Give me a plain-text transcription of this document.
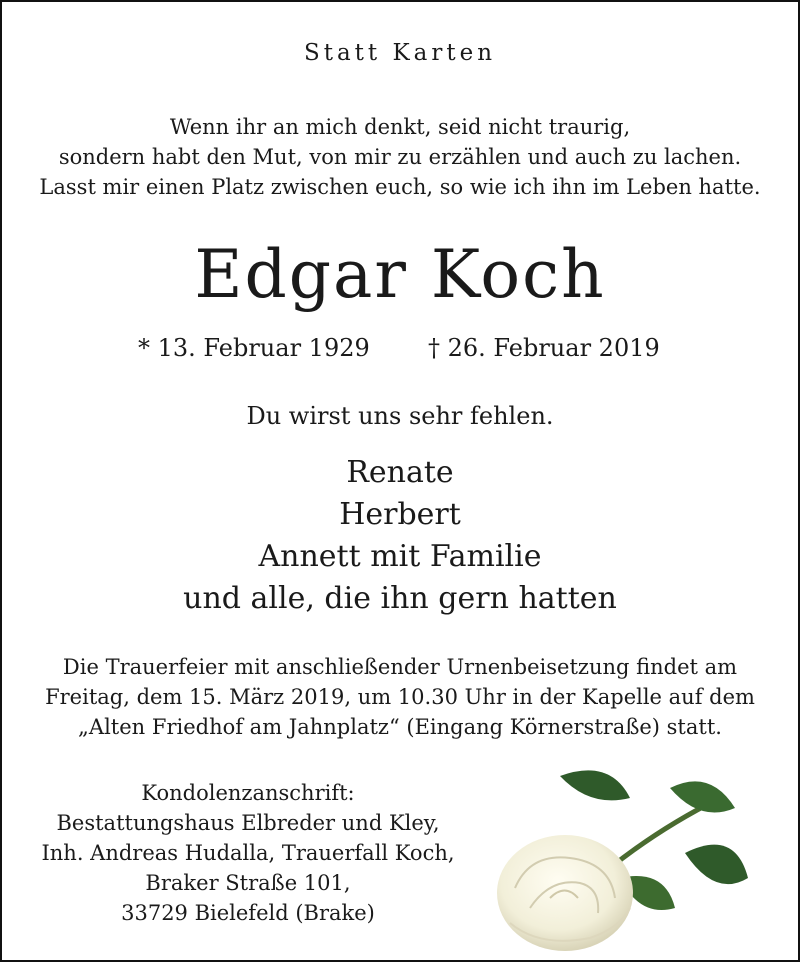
Statt Karten
Wenn ihr an mich denkt, seid nicht traurig,
sondern habt den Mut, von mir zu erzählen und auch zu lachen.
Lasst mir einen Platz zwischen euch, so wie ich ihn im Leben hatte.
Edgar Koch
* 13. Februar 1929 † 26. Februar 2019
Du wirst uns sehr fehlen.
Renate
Herbert
Annett mit Familie
und alle, die ihn gern hatten
Die Trauerfeier mit anschließender Urnenbeisetzung findet am
Freitag, dem 15. März 2019, um 10.30 Uhr in der Kapelle auf dem
„Alten Friedhof am Jahnplatz“ (Eingang Körnerstraße) statt.
Kondolenzanschrift:
Bestattungshaus Elbreder und Kley,
Inh. Andreas Hudalla, Trauerfall Koch,
Braker Straße 101,
33729 Bielefeld (Brake)
